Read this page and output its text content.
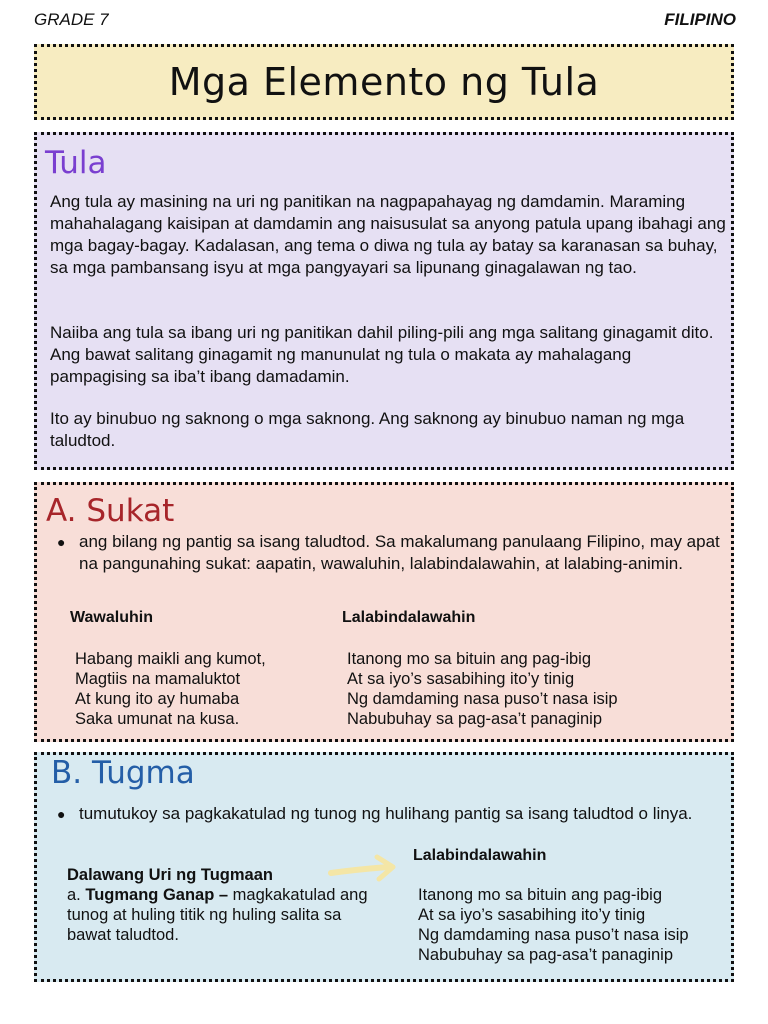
GRADE 7	FILIPINO
Mga Elemento ng Tula
Tula

Ang tula ay masining na uri ng panitikan na nagpapahayag ng damdamin. Maraming mahahalagang kaisipan at damdamin ang naisusulat sa anyong patula upang ibahagi ang mga bagay-bagay. Kadalasan, ang tema o diwa ng tula ay batay sa karanasan sa buhay, sa mga pambansang isyu at mga pangyayari sa lipunang ginagalawan ng tao.

Naiiba ang tula sa ibang uri ng panitikan dahil piling-pili ang mga salitang ginagamit dito. Ang bawat salitang ginagamit ng manunulat ng tula o makata ay mahalagang pampagising sa iba’t ibang damadamin.

Ito ay binubuo ng saknong o mga saknong. Ang saknong ay binubuo naman ng mga taludtod.

A. Sukat
● ang bilang ng pantig sa isang taludtod. Sa makalumang panulaang Filipino, may apat na pangunahing sukat: aapatin, wawaluhin, lalabindalawahin, at lalabing-animin.
Wawaluhin
Habang maikli ang kumot,
Magtiis na mamaluktot
At kung ito ay humaba
Saka umunat na kusa.
Lalabindalawahin
Itanong mo sa bituin ang pag-ibig
At sa iyo’s sasabihing ito’y tinig
Ng damdaming nasa puso’t nasa isip
Nabubuhay sa pag-asa’t panaginip
B. Tugma
● tumutukoy sa pagkakatulad ng tunog ng hulihang pantig sa isang taludtod o linya.
Dalawang Uri ng Tugmaan
a. Tugmang Ganap – magkakatulad ang tunog at huling titik ng huling salita sa bawat taludtod.
Lalabindalawahin
Itanong mo sa bituin ang pag-ibig
At sa iyo’s sasabihing ito’y tinig
Ng damdaming nasa puso’t nasa isip
Nabubuhay sa pag-asa’t panaginip
